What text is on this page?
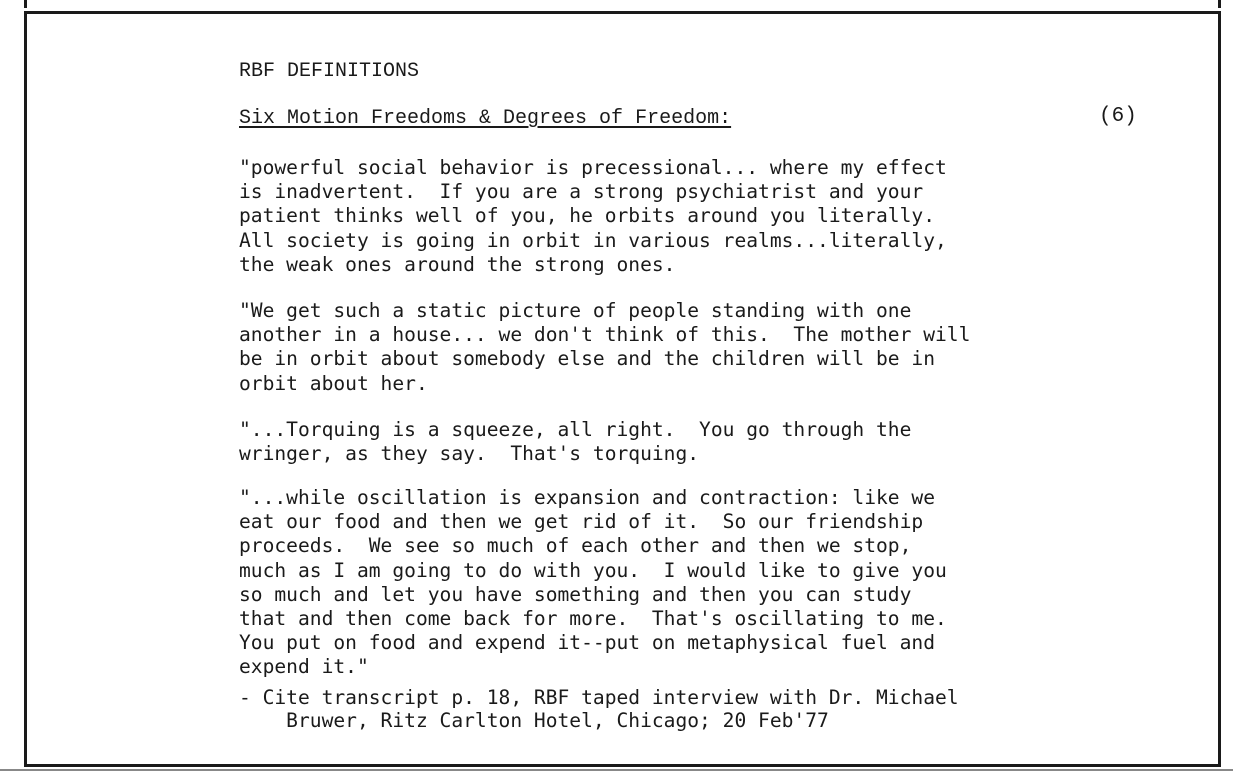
RBF DEFINITIONS
Six Motion Freedoms & Degrees of Freedom:	(6)
"powerful social behavior is precessional... where my effect
is inadvertent.  If you are a strong psychiatrist and your
patient thinks well of you, he orbits around you literally.
All society is going in orbit in various realms...literally,
the weak ones around the strong ones.
"We get such a static picture of people standing with one
another in a house... we don't think of this.  The mother will
be in orbit about somebody else and the children will be in
orbit about her.
"...Torquing is a squeeze, all right.  You go through the
wringer, as they say.  That's torquing.
"...while oscillation is expansion and contraction: like we
eat our food and then we get rid of it.  So our friendship
proceeds.  We see so much of each other and then we stop,
much as I am going to do with you.  I would like to give you
so much and let you have something and then you can study
that and then come back for more.  That's oscillating to me.
You put on food and expend it--put on metaphysical fuel and
expend it."
- Cite transcript p. 18, RBF taped interview with Dr. Michael
Bruwer, Ritz Carlton Hotel, Chicago; 20 Feb'77
